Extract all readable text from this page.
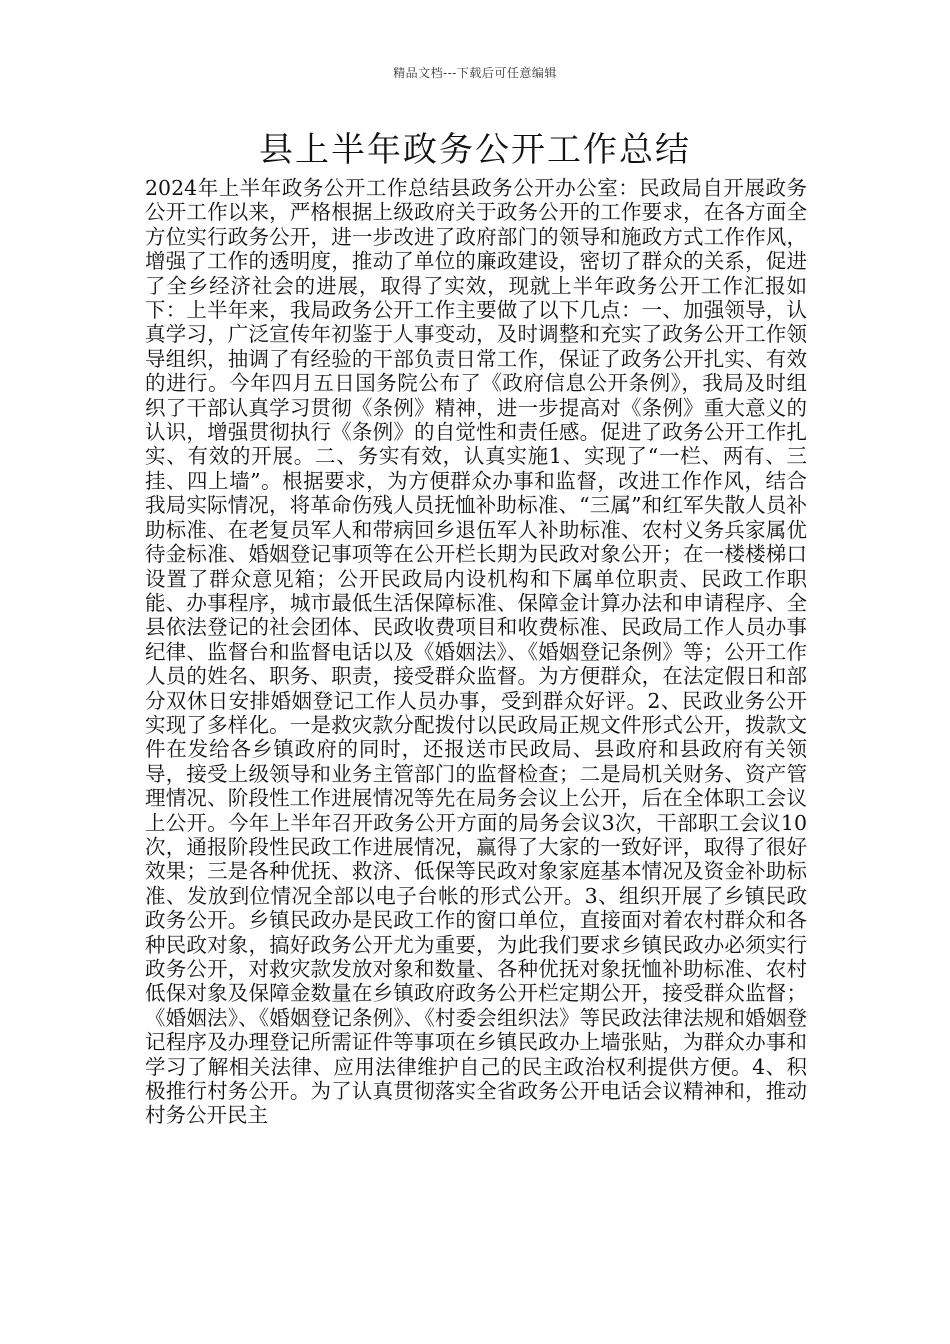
精品文档---下载后可任意编辑
县上半年政务公开工作总结

2024年上半年政务公开工作总结县政务公开办公室：民政局自开展政务公开工作以来，严格根据上级政府关于政务公开的工作要求，在各方面全方位实行政务公开，进一步改进了政府部门的领导和施政方式工作作风，增强了工作的透明度，推动了单位的廉政建设，密切了群众的关系，促进了全乡经济社会的进展，取得了实效，现就上半年政务公开工作汇报如下：上半年来，我局政务公开工作主要做了以下几点：一、加强领导，认真学习，广泛宣传年初鉴于人事变动，及时调整和充实了政务公开工作领导组织，抽调了有经验的干部负责日常工作，保证了政务公开扎实、有效的进行。今年四月五日国务院公布了《政府信息公开条例》，我局及时组织了干部认真学习贯彻《条例》精神，进一步提高对《条例》重大意义的认识，增强贯彻执行《条例》的自觉性和责任感。促进了政务公开工作扎实、有效的开展。二、务实有效，认真实施1、实现了“一栏、两有、三挂、四上墙”。根据要求，为方便群众办事和监督，改进工作作风，结合我局实际情况，将革命伤残人员抚恤补助标准、“三属”和红军失散人员补助标准、在老复员军人和带病回乡退伍军人补助标准、农村义务兵家属优待金标准、婚姻登记事项等在公开栏长期为民政对象公开；在一楼楼梯口设置了群众意见箱；公开民政局内设机构和下属单位职责、民政工作职能、办事程序，城市最低生活保障标准、保障金计算办法和申请程序、全县依法登记的社会团体、民政收费项目和收费标准、民政局工作人员办事纪律、监督台和监督电话以及《婚姻法》、《婚姻登记条例》等；公开工作人员的姓名、职务、职责，接受群众监督。为方便群众，在法定假日和部分双休日安排婚姻登记工作人员办事，受到群众好评。2、民政业务公开实现了多样化。一是救灾款分配拨付以民政局正规文件形式公开，拨款文件在发给各乡镇政府的同时，还报送市民政局、县政府和县政府有关领导，接受上级领导和业务主管部门的监督检查；二是局机关财务、资产管理情况、阶段性工作进展情况等先在局务会议上公开，后在全体职工会议上公开。今年上半年召开政务公开方面的局务会议3次，干部职工会议10次，通报阶段性民政工作进展情况，赢得了大家的一致好评，取得了很好效果；三是各种优抚、救济、低保等民政对象家庭基本情况及资金补助标准、发放到位情况全部以电子台帐的形式公开。3、组织开展了乡镇民政政务公开。乡镇民政办是民政工作的窗口单位，直接面对着农村群众和各种民政对象，搞好政务公开尤为重要，为此我们要求乡镇民政办必须实行政务公开，对救灾款发放对象和数量、各种优抚对象抚恤补助标准、农村低保对象及保障金数量在乡镇政府政务公开栏定期公开，接受群众监督；《婚姻法》、《婚姻登记条例》、《村委会组织法》等民政法律法规和婚姻登记程序及办理登记所需证件等事项在乡镇民政办上墙张贴，为群众办事和学习了解相关法律、应用法律维护自己的民主政治权利提供方便。4、积极推行村务公开。为了认真贯彻落实全省政务公开电话会议精神和，推动村务公开民主
